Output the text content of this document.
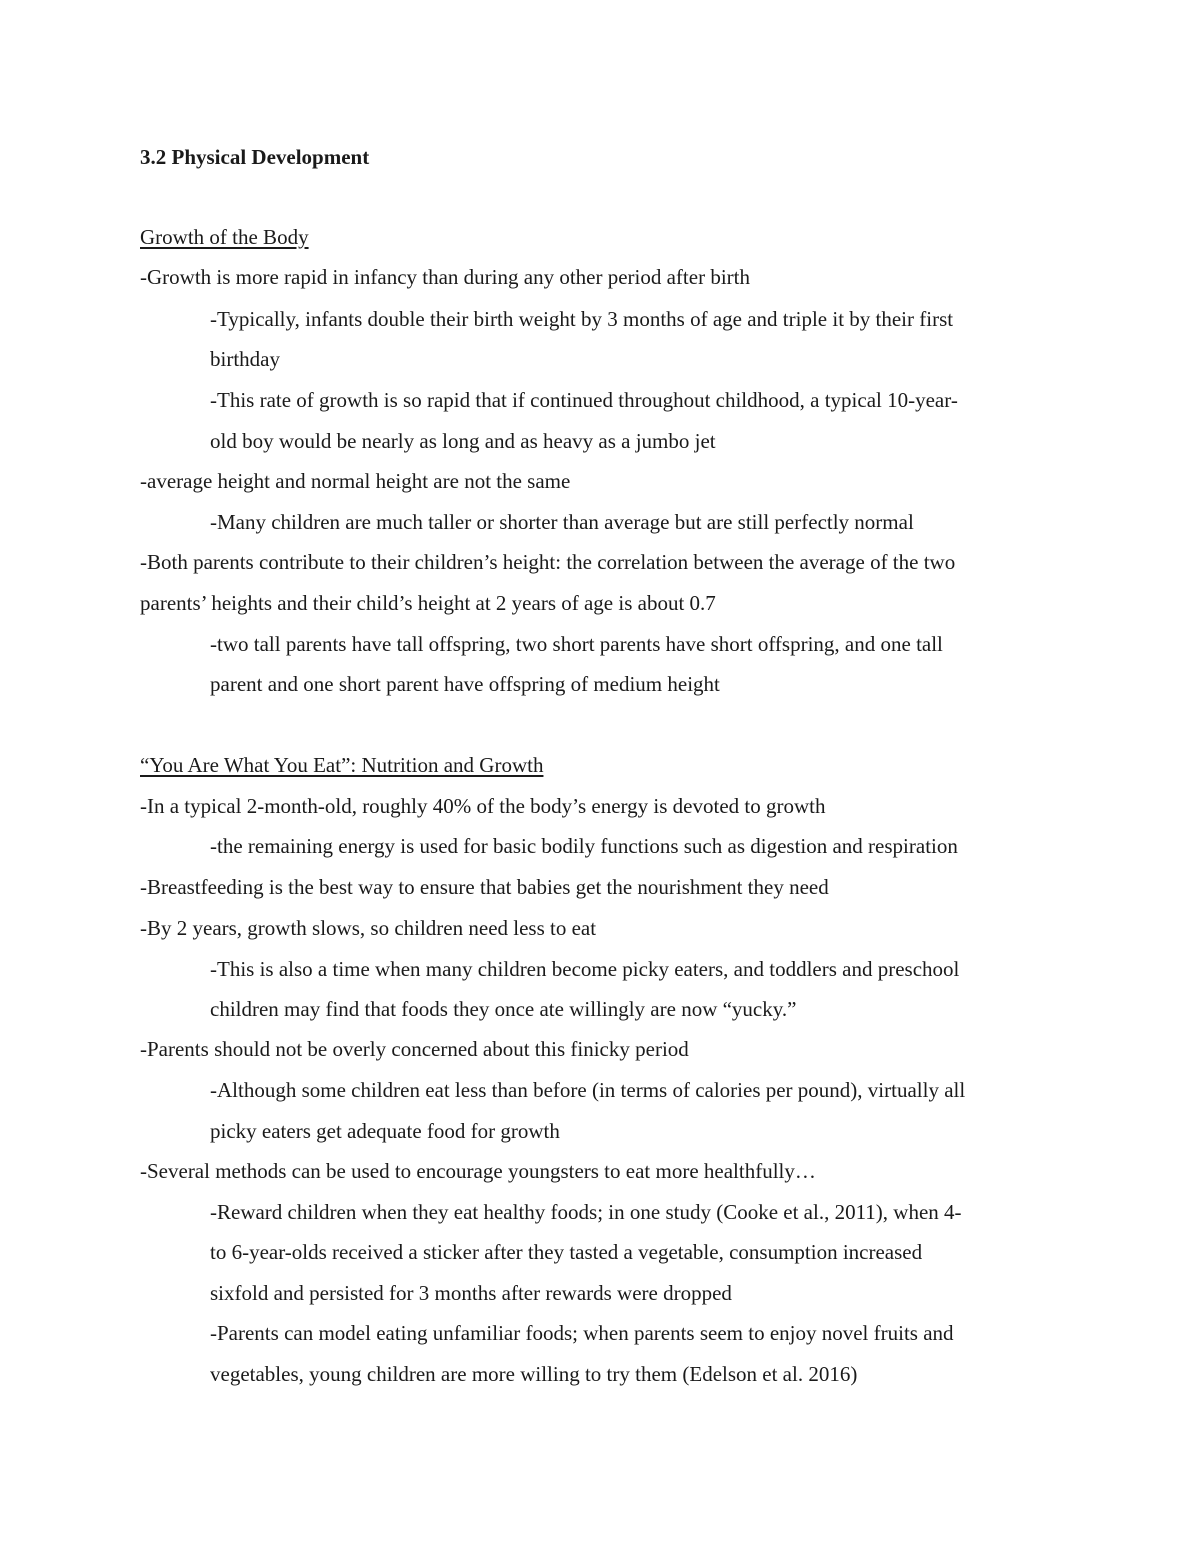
3.2 Physical Development
Growth of the Body
-Growth is more rapid in infancy than during any other period after birth
-Typically, infants double their birth weight by 3 months of age and triple it by their first
birthday
-This rate of growth is so rapid that if continued throughout childhood, a typical 10-year-
old boy would be nearly as long and as heavy as a jumbo jet
-average height and normal height are not the same
-Many children are much taller or shorter than average but are still perfectly normal
-Both parents contribute to their children’s height: the correlation between the average of the two
parents’ heights and their child’s height at 2 years of age is about 0.7
-two tall parents have tall offspring, two short parents have short offspring, and one tall
parent and one short parent have offspring of medium height
“You Are What You Eat”: Nutrition and Growth
-In a typical 2-month-old, roughly 40% of the body’s energy is devoted to growth
-the remaining energy is used for basic bodily functions such as digestion and respiration
-Breastfeeding is the best way to ensure that babies get the nourishment they need
-By 2 years, growth slows, so children need less to eat
-This is also a time when many children become picky eaters, and toddlers and preschool
children may find that foods they once ate willingly are now “yucky.”
-Parents should not be overly concerned about this finicky period
-Although some children eat less than before (in terms of calories per pound), virtually all
picky eaters get adequate food for growth
-Several methods can be used to encourage youngsters to eat more healthfully…
-Reward children when they eat healthy foods; in one study (Cooke et al., 2011), when 4-
to 6-year-olds received a sticker after they tasted a vegetable, consumption increased
sixfold and persisted for 3 months after rewards were dropped
-Parents can model eating unfamiliar foods; when parents seem to enjoy novel fruits and
vegetables, young children are more willing to try them (Edelson et al. 2016)
